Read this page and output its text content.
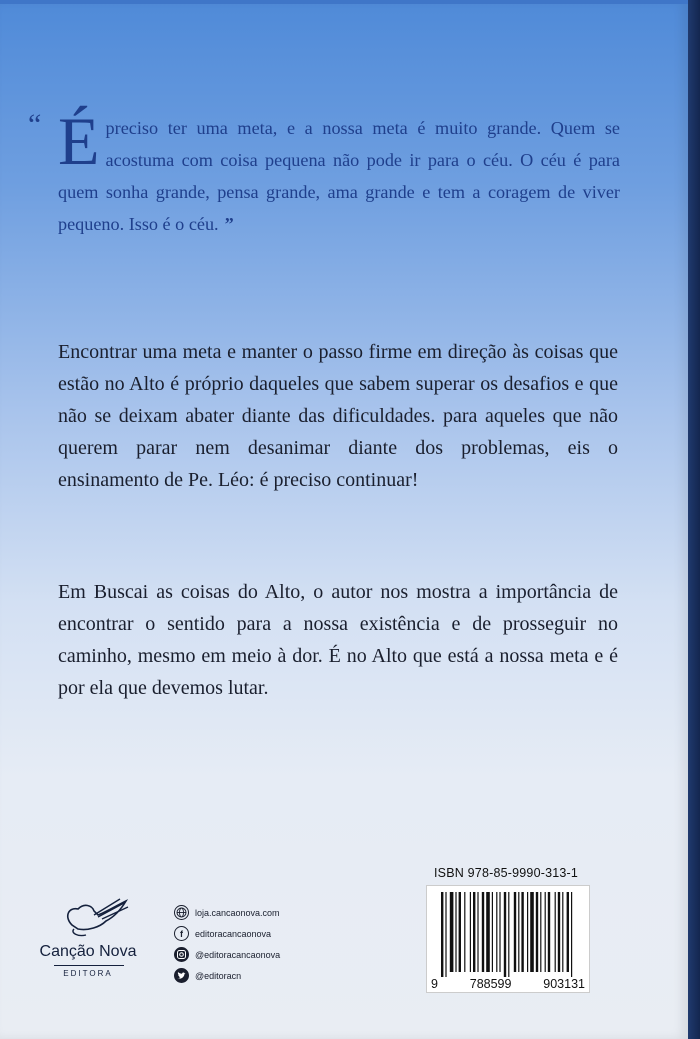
“ É preciso ter uma meta, e a nossa meta é muito grande. Quem se acostuma com coisa pequena não pode ir para o céu. O céu é para quem sonha grande, pensa grande, ama grande e tem a coragem de viver pequeno. Isso é o céu. ”

Encontrar uma meta e manter o passo firme em direção às coisas que estão no Alto é próprio daqueles que sabem superar os desafios e que não se deixam abater diante das dificuldades. para aqueles que não querem parar nem desanimar diante dos problemas, eis o ensinamento de Pe. Léo: é preciso continuar!

Em Buscai as coisas do Alto, o autor nos mostra a importância de encontrar o sentido para a nossa existência e de prosseguir no caminho, mesmo em meio à dor. É no Alto que está a nossa meta e é por ela que devemos lutar.

Canção Nova
EDITORA
loja.cancaonova.com
f	editoracancaonova
@editoracancaonova
@editoracn
ISBN 978-85-9990-313-1
9	788599	903131
